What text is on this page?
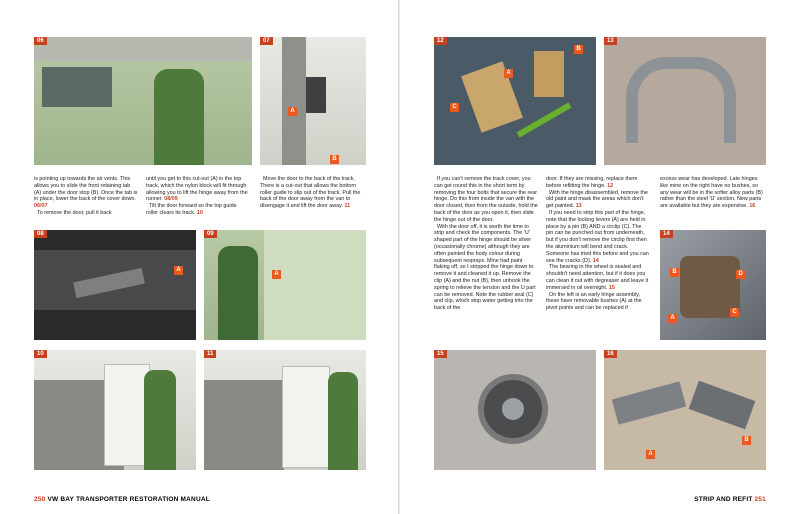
06	07
A
B
is pointing up towards the air vents. This allows you to slide the front retaining tab (A) under the door stop (B). Once the tab is in place, lower the back of the cover down. 06/07
To remove the door, pull it back
until you get to this cut-out (A) in the top track, which the nylon block will fit through allowing you to lift the hinge away from the runner. 08/09
Tilt the door forward so the top guide roller clears its track. 10
Move the door to the back of the track. There is a cut-out that allows the bottom roller guide to slip out of the track. Pull the back of the door away from the van to disengage it and lift the door away. 11
08
A
09
A
10	11
250 VW BAY TRANSPORTER RESTORATION MANUAL
12
A
B
C
13
If you can't remove the track cover, you can get round this in the short term by removing the four bolts that secure the rear hinge. Do this from inside the van with the door closed, then from the outside, hold the back of the door as you open it, then slide the hinge out of the door.
With the door off, it is worth the time to strip and check the components. The 'U' shaped part of the hinge should be silver (occasionally chrome) although they are often painted the body colour during subsequent resprays. Mine had paint flaking off, so I stripped the hinge down to remove it and cleaned it up. Remove the clip (A) and the nut (B), then unhook the spring to relieve the tension and the U part can be removed. Note the rubber seal (C) and clip, which stop water getting into the back of the
door. If they are missing, replace them before refitting the hinge. 12
With the hinge disassembled, remove the old paint and mask the areas which don't get painted. 13
If you need to strip this part of the hinge, note that the locking levers (A) are held in place by a pin (B) AND a circlip (C). The pin can be punched out from underneath, but if you don't remove the circlip first then the aluminium will bend and crack. Someone has tried this before and you can see the cracks (D). 14
The bearing in the wheel is sealed and shouldn't need attention, but if it does you can clean it out with degreaser and leave it immersed in oil overnight. 15
On the left is an early hinge assembly, these have removable bushes (A) at the pivot points and can be replaced if
excess wear has developed. Late hinges like mine on the right have no bushes, so any wear will be in the softer alloy parts (B) rather than the steel 'U' section. New parts are available but they are expensive. 16
14
B	D
C
A
15	16
A
B
STRIP AND REFIT 251
